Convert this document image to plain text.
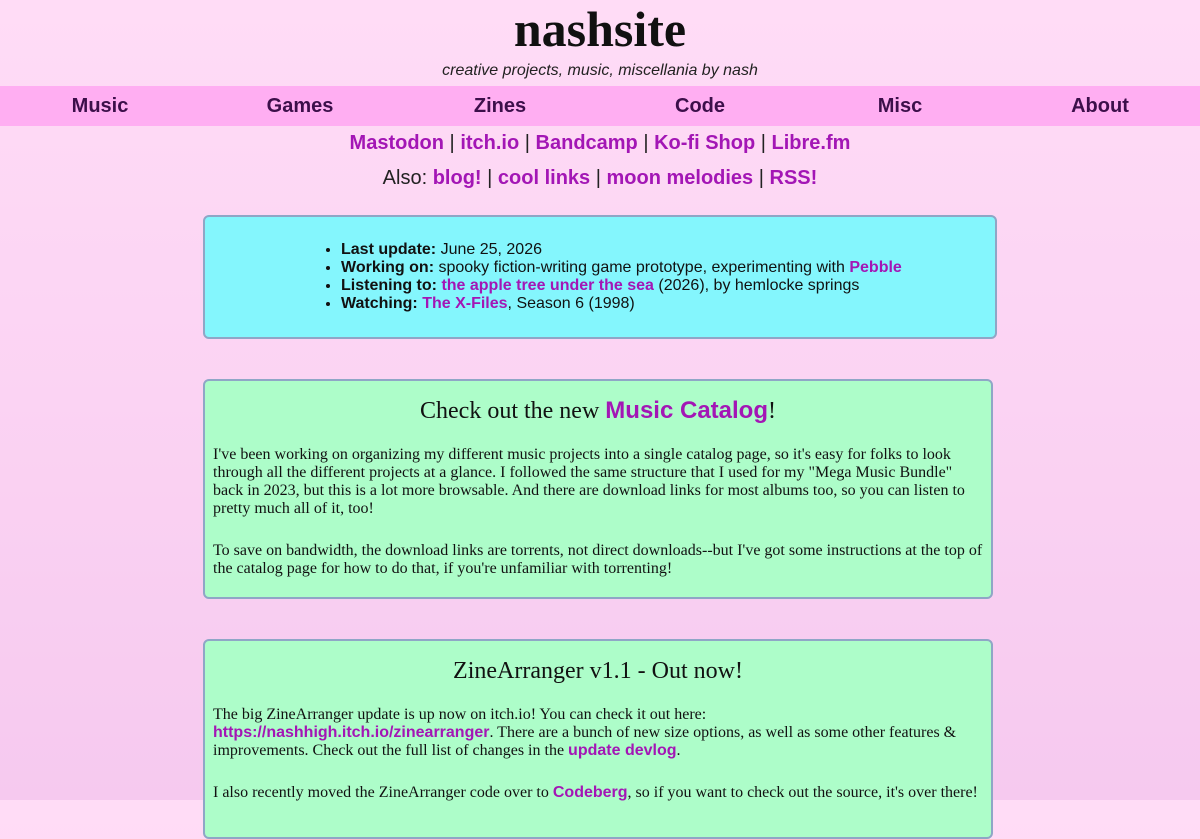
nashsite

creative projects, music, miscellania by nash

Music	Games	Zines	Code	Misc	About
Mastodon | itch.io | Bandcamp | Ko-fi Shop | Libre.fm
Also: blog! | cool links | moon melodies | RSS!
• Last update: June 25, 2026
• Working on: spooky fiction-writing game prototype, experimenting with Pebble
• Listening to: the apple tree under the sea (2026), by hemlocke springs
• Watching: The X-Files, Season 6 (1998)
Check out the new Music Catalog!

I've been working on organizing my different music projects into a single catalog page, so it's easy for folks to look through all the different projects at a glance. I followed the same structure that I used for my "Mega Music Bundle" back in 2023, but this is a lot more browsable. And there are download links for most albums too, so you can listen to pretty much all of it, too!

To save on bandwidth, the download links are torrents, not direct downloads--but I've got some instructions at the top of the catalog page for how to do that, if you're unfamiliar with torrenting!

ZineArranger v1.1 - Out now!

The big ZineArranger update is up now on itch.io! You can check it out here: https://nashhigh.itch.io/zinearranger. There are a bunch of new size options, as well as some other features & improvements. Check out the full list of changes in the update devlog.

I also recently moved the ZineArranger code over to Codeberg, so if you want to check out the source, it's over there!
